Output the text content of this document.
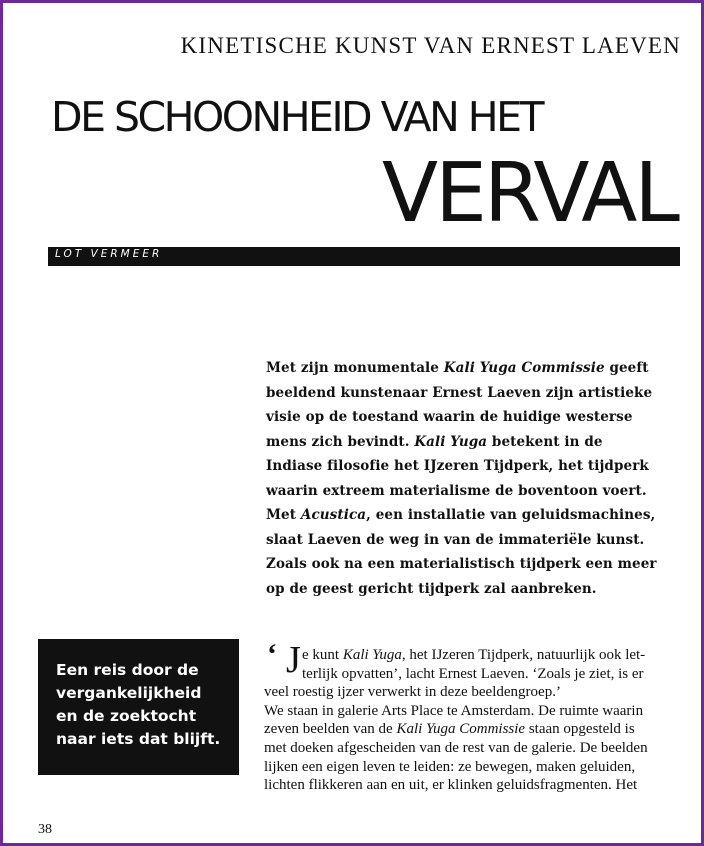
KINETISCHE KUNST VAN ERNEST LAEVEN
DE SCHOONHEID VAN HET
VERVAL
LOT VERMEER

Met zijn monumentale Kali Yuga Commissie geeft

beeldend kunstenaar Ernest Laeven zijn artistieke

visie op de toestand waarin de huidige westerse

mens zich bevindt. Kali Yuga betekent in de

Indiase filosofie het IJzeren Tijdperk, het tijdperk

waarin extreem materialisme de boventoon voert.

Met Acustica, een installatie van geluidsmachines,

slaat Laeven de weg in van de immateriële kunst.

Zoals ook na een materialistisch tijdperk een meer

op de geest gericht tijdperk zal aanbreken.

Een reis door de

vergankelijkheid

en de zoektocht

naar iets dat blijft.

‘ J e kunt Kali Yuga, het IJzeren Tijdperk, natuurlijk ook let-

terlijk opvatten’, lacht Ernest Laeven. ‘Zoals je ziet, is er

veel roestig ijzer verwerkt in deze beeldengroep.’

We staan in galerie Arts Place te Amsterdam. De ruimte waarin

zeven beelden van de Kali Yuga Commissie staan opgesteld is

met doeken afgescheiden van de rest van de galerie. De beelden

lijken een eigen leven te leiden: ze bewegen, maken geluiden,

lichten flikkeren aan en uit, er klinken geluidsfragmenten. Het

38
